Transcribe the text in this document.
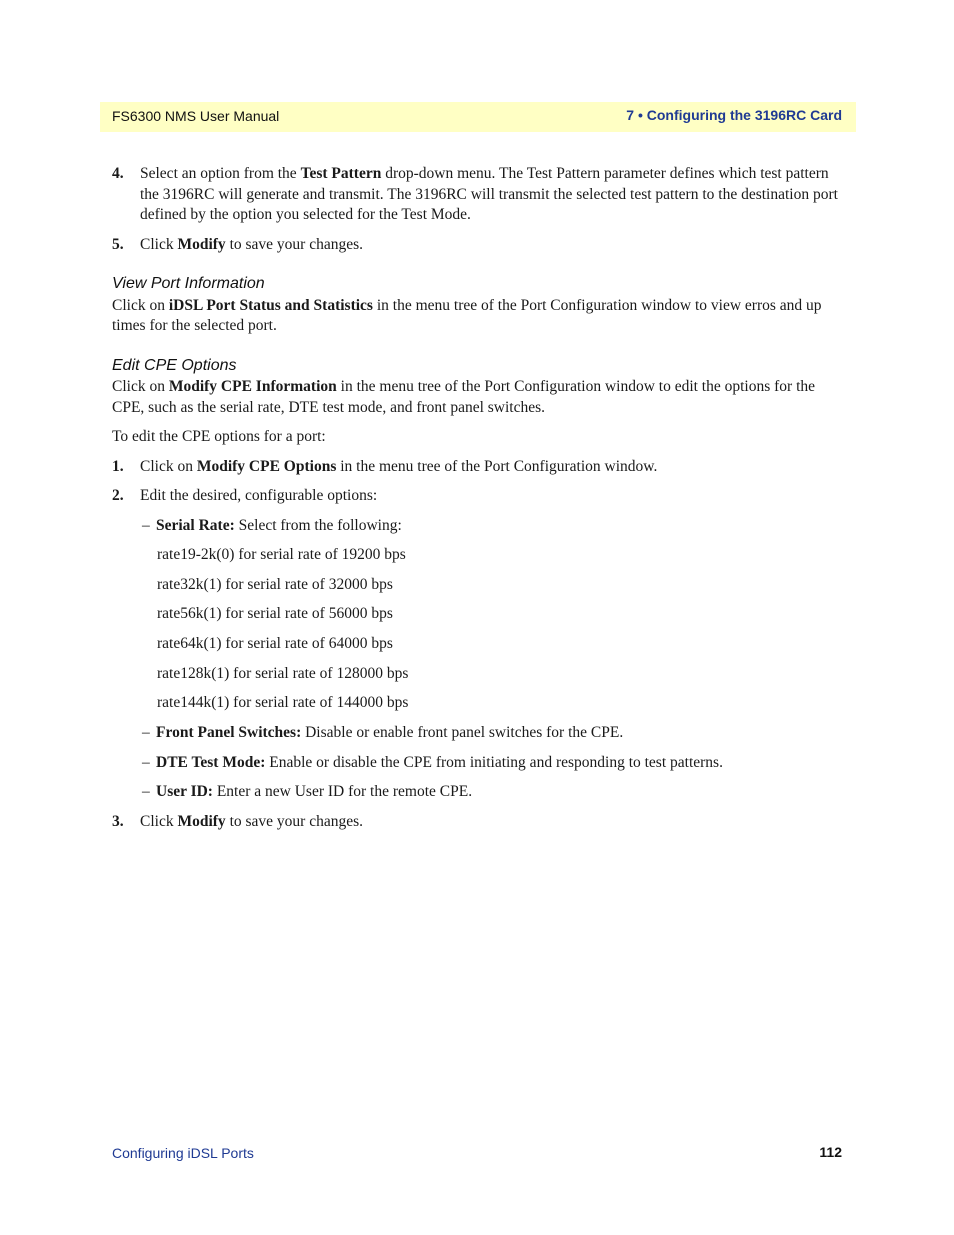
FS6300 NMS User Manual	7 • Configuring the 3196RC Card
4. Select an option from the Test Pattern drop-down menu. The Test Pattern parameter defines which test pattern the 3196RC will generate and transmit. The 3196RC will transmit the selected test pattern to the destination port defined by the option you selected for the Test Mode.
5. Click Modify to save your changes.
View Port Information
Click on iDSL Port Status and Statistics in the menu tree of the Port Configuration window to view erros and up times for the selected port.
Edit CPE Options
Click on Modify CPE Information in the menu tree of the Port Configuration window to edit the options for the CPE, such as the serial rate, DTE test mode, and front panel switches.
To edit the CPE options for a port:
1. Click on Modify CPE Options in the menu tree of the Port Configuration window.
2. Edit the desired, configurable options:
– Serial Rate: Select from the following:
rate19-2k(0) for serial rate of 19200 bps
rate32k(1) for serial rate of 32000 bps
rate56k(1) for serial rate of 56000 bps
rate64k(1) for serial rate of 64000 bps
rate128k(1) for serial rate of 128000 bps
rate144k(1) for serial rate of 144000 bps
– Front Panel Switches: Disable or enable front panel switches for the CPE.
– DTE Test Mode: Enable or disable the CPE from initiating and responding to test patterns.
– User ID: Enter a new User ID for the remote CPE.
3. Click Modify to save your changes.
Configuring iDSL Ports	112
